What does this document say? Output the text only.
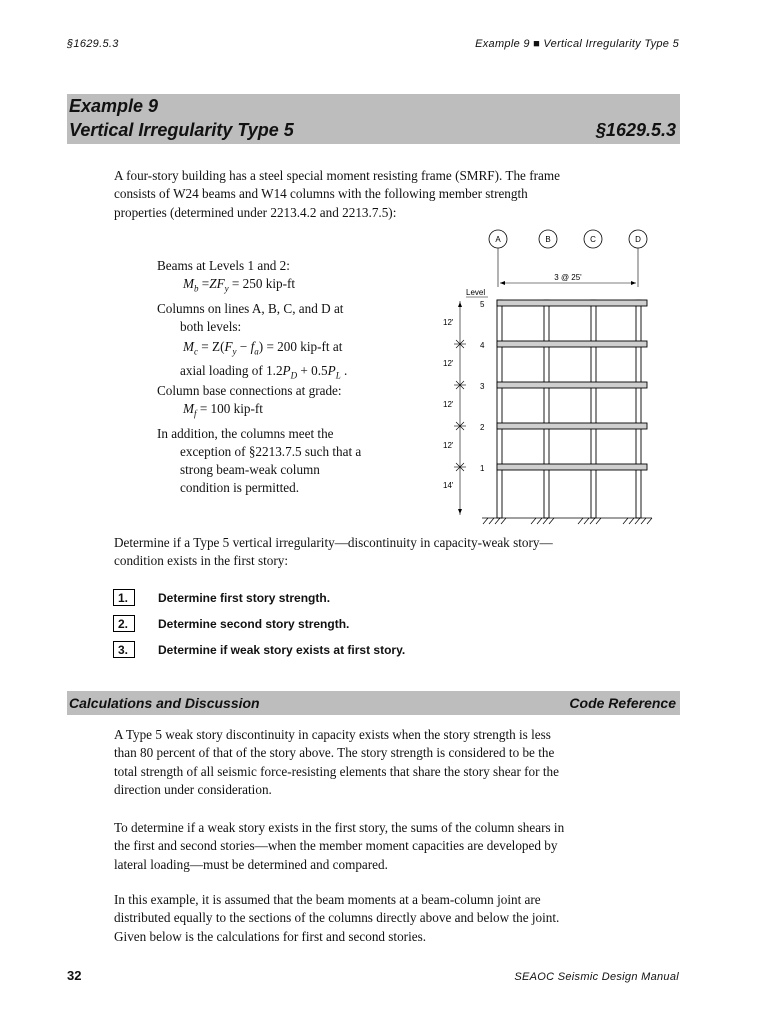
§1629.5.3	Example 9 ■ Vertical Irregularity Type 5
Example 9
Vertical Irregularity Type 5	§1629.5.3
A four-story building has a steel special moment resisting frame (SMRF). The frame
consists of W24 beams and W14 columns with the following member strength
properties (determined under 2213.4.2 and 2213.7.5):
Beams at Levels 1 and 2:
$M_b =ZF_y = 250$ kip-ft
Columns on lines A, B, C, and D at
both levels:
$M_c = Z(F_y - f_a) = 200$ kip-ft at
axial loading of $1.2P_D + 0.5P_L$ .
Column base connections at grade:
$M_f = 100$ kip-ft
In addition, the columns meet the
exception of §2213.7.5 such that a
strong beam-weak column
condition is permitted.
A	B	C	D
3 @ 25'
Level
5
4
3
2
1
12'
12'
12'
12'
14'
Determine if a Type 5 vertical irregularity—discontinuity in capacity-weak story—
condition exists in the first story:
1.	Determine first story strength.
2.	Determine second story strength.
3.	Determine if weak story exists at first story.
Calculations and Discussion	Code Reference
A Type 5 weak story discontinuity in capacity exists when the story strength is less
than 80 percent of that of the story above. The story strength is considered to be the
total strength of all seismic force-resisting elements that share the story shear for the
direction under consideration.
To determine if a weak story exists in the first story, the sums of the column shears in
the first and second stories—when the member moment capacities are developed by
lateral loading—must be determined and compared.
In this example, it is assumed that the beam moments at a beam-column joint are
distributed equally to the sections of the columns directly above and below the joint.
Given below is the calculations for first and second stories.
32	SEAOC Seismic Design Manual
